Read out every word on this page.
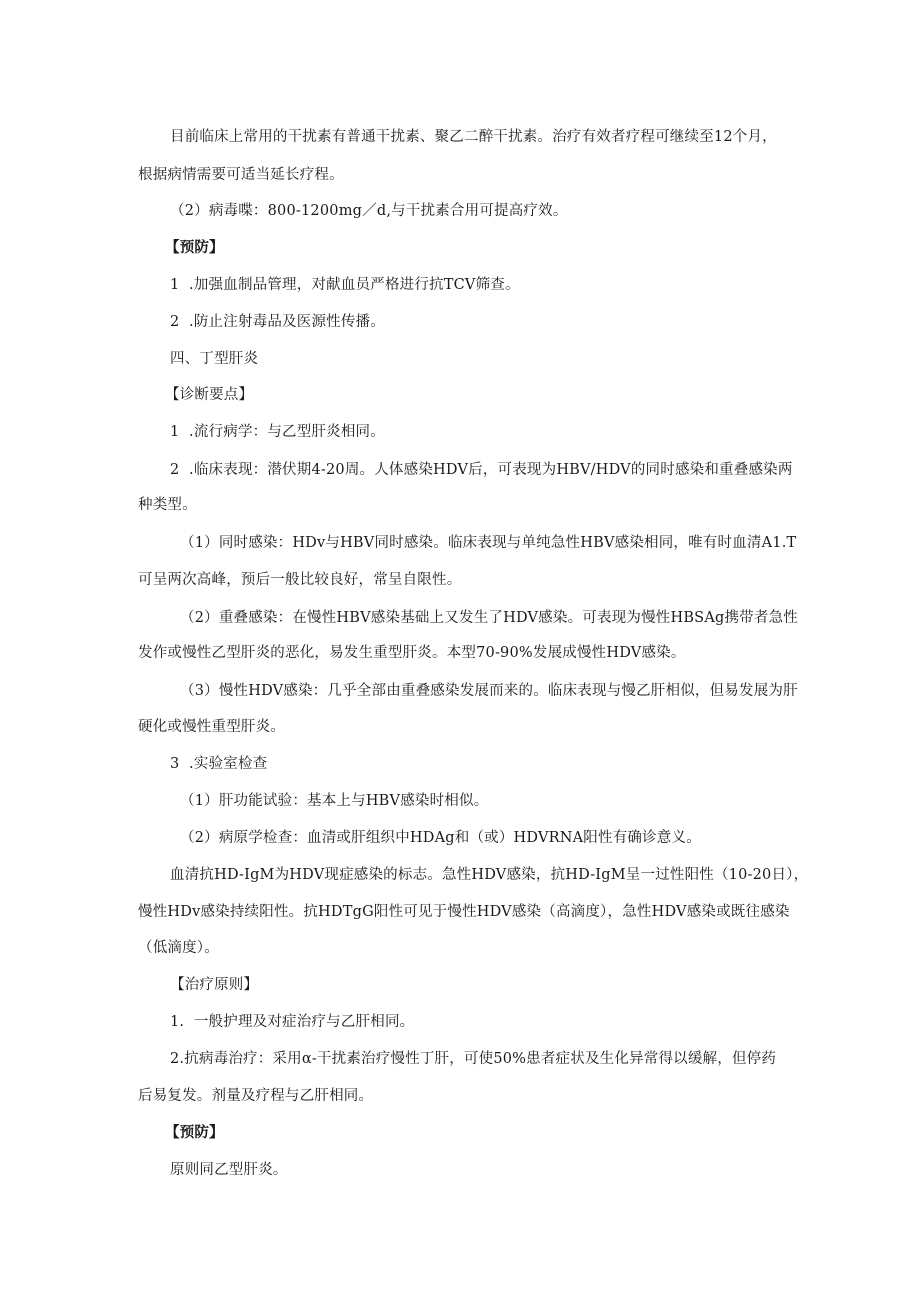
目前临床上常用的干扰素有普通干扰素、聚乙二醉干扰素。治疗有效者疗程可继续至12个月，
根据病情需要可适当延长疗程。
（2）病毒喋：800-1200mg／d,与干扰素合用可提高疗效。
【预防】
1  .加强血制品管理，对献血员严格进行抗TCV筛查。
2  .防止注射毒品及医源性传播。
四、丁型肝炎
【诊断要点】
1  .流行病学：与乙型肝炎相同。
2  .临床表现：潜伏期4-20周。人体感染HDV后，可表现为HBV/HDV的同时感染和重叠感染两
种类型。
（1）同时感染：HDv与HBV同时感染。临床表现与单纯急性HBV感染相同，唯有时血清A1.T
可呈两次高峰，预后一般比较良好，常呈自限性。
（2）重叠感染：在慢性HBV感染基础上又发生了HDV感染。可表现为慢性HBSAg携带者急性
发作或慢性乙型肝炎的恶化，易发生重型肝炎。本型70-90%发展成慢性HDV感染。
（3）慢性HDV感染：几乎全部由重叠感染发展而来的。临床表现与慢乙肝相似，但易发展为肝
硬化或慢性重型肝炎。
3  .实验室检查
（1）肝功能试验：基本上与HBV感染时相似。
（2）病原学检查：血清或肝组织中HDAg和（或）HDVRNA阳性有确诊意义。
血清抗HD-IgM为HDV现症感染的标志。急性HDV感染，抗HD-IgM呈一过性阳性（10-20日），
慢性HDv感染持续阳性。抗HDTgG阳性可见于慢性HDV感染（高滴度），急性HDV感染或既往感染
（低滴度）。
【治疗原则】
1.  一般护理及对症治疗与乙肝相同。
2.抗病毒治疗：采用α-干扰素治疗慢性丁肝，可使50%患者症状及生化异常得以缓解，但停药
后易复发。剂量及疗程与乙肝相同。
【预防】
原则同乙型肝炎。
